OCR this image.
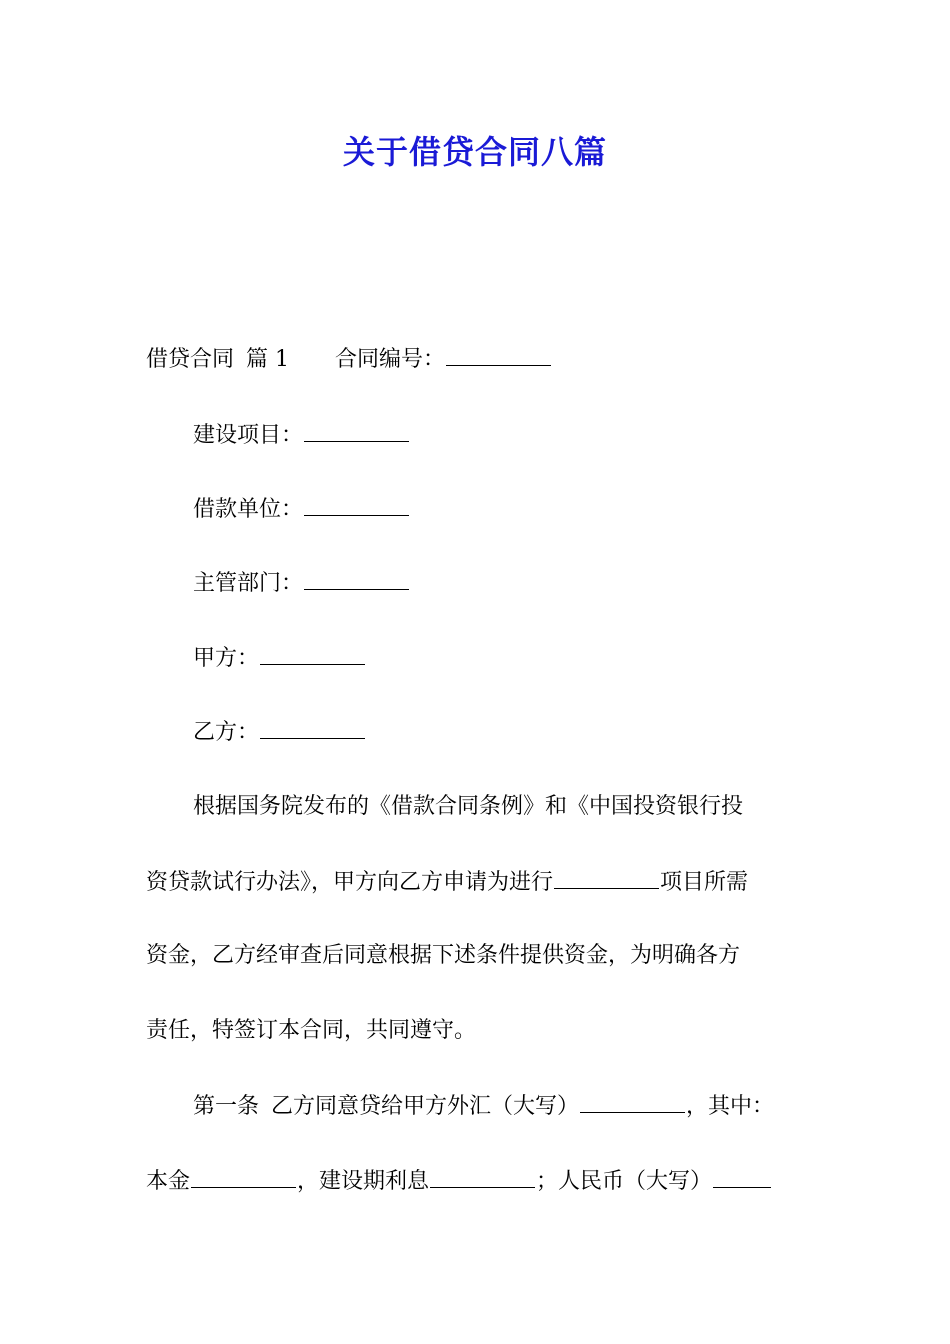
关于借贷合同八篇
借贷合同 篇 1 合同编号：
建设项目：
借款单位：
主管部门：
甲方：
乙方：
根据国务院发布的《借款合同条例》和《中国投资银行投
资贷款试行办法》，甲方向乙方申请为进行	项目所需
资金，乙方经审查后同意根据下述条件提供资金，为明确各方
责任，特签订本合同，共同遵守。
第一条 乙方同意贷给甲方外汇（大写）	，其中：
本金	，建设期利息	；人民币（大写）
